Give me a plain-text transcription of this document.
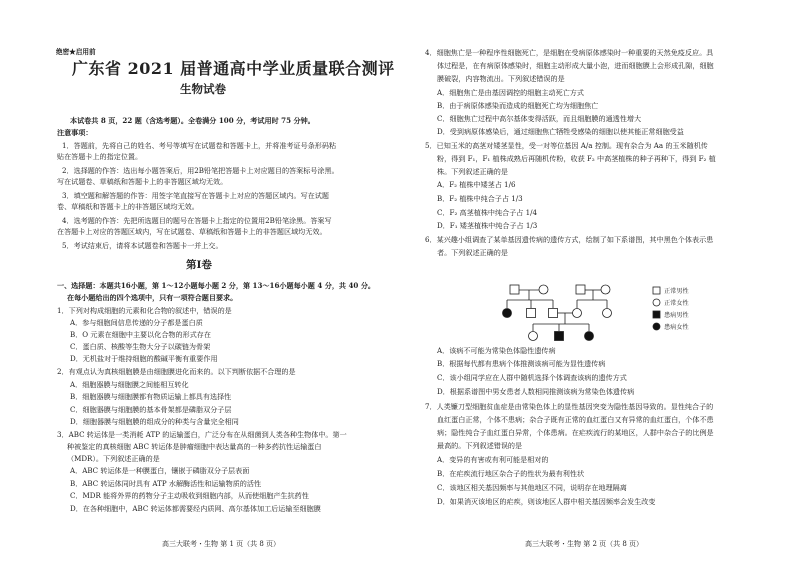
绝密★启用前
广东省 2021 届普通高中学业质量联合测评
生物试卷
本试卷共 8 页，22 题（含选考题）。全卷满分 100 分，考试用时 75 分钟。
注意事项：
1．答题前，先将自己的姓名、考号等填写在试题卷和答题卡上，并将准考证号条形码粘
贴在答题卡上的指定位置。
2．选择题的作答：选出每小题答案后，用2B铅笔把答题卡上对应题目的答案标号涂黑。
写在试题卷、草稿纸和答题卡上的非答题区域均无效。
3．填空题和解答题的作答：用签字笔直接写在答题卡上对应的答题区域内。写在试题
卷、草稿纸和答题卡上的非答题区域均无效。
4．选考题的作答：先把所选题目的题号在答题卡上指定的位置用2B铅笔涂黑。答案写
在答题卡上对应的答题区域内，写在试题卷、草稿纸和答题卡上的非答题区域均无效。
5．考试结束后，请将本试题卷和答题卡一并上交。
第Ⅰ卷
一、选择题：本题共16小题，第 1～12小题每小题 2 分，第 13～16小题每小题 4 分，共 40 分。
在每小题给出的四个选项中，只有一项符合题目要求。
1．下列对构成细胞的元素和化合物的叙述中，错误的是
A．参与细胞间信息传递的分子都是蛋白质
B．O 元素在细胞中主要以化合物的形式存在
C．蛋白质、核酸等生物大分子以碳链为骨架
D．无机盐对于维持细胞的酸碱平衡有重要作用
2．有观点认为真核细胞膜是由细胞膜进化而来的。以下判断依据不合理的是
A．细胞器膜与细胞膜之间能相互转化
B．细胞器膜与细胞膜都有物质运输上都具有选择性
C．细胞器膜与细胞膜的基本骨架都是磷脂双分子层
D．细胞器膜与细胞膜的组成分的种类与含量完全相同
3．ABC 转运体是一类消耗 ATP 的运输蛋白，广泛分布在从细菌到人类各种生物体中。第一
种被鉴定的真核细胞 ABC 转运体是肿瘤细胞中表达量高的一种多药抗性运输蛋白
（MDR）。下列叙述正确的是
A．ABC 转运体是一种膜蛋白，镶嵌于磷脂双分子层表面
B．ABC 转运体同时具有 ATP 水解酶活性和运输物质的活性
C．MDR 能将外界的药物分子主动吸收到细胞内部，从而使细胞产生抗药性
D．在各种细胞中，ABC 转运体都需要经内质网、高尔基体加工后运输至细胞膜
高三大联考・生物 第 1 页（共 8 页）
4．细胞焦亡是一种程序性细胞死亡，是细胞在受病原体感染时一种重要的天然免疫反应。具
体过程是，在有病原体感染时，细胞主动形成大量小泡，进而细胞膜上会形成孔隙，细胞
膜破裂，内容物流出。下列叙述错误的是
A．细胞焦亡是由基因调控的细胞主动死亡方式
B．由于病原体感染而造成的细胞死亡均为细胞焦亡
C．细胞焦亡过程中高尔基体变得活跃，而且细胞膜的通透性增大
D．受到病原体感染后，通过细胞焦亡牺牲受感染的细胞以使其能正常细胞受益
5．已知玉米的高茎对矮茎显性，受一对等位基因 A/a 控制。现有杂合为 Aa 的玉米随机传
粉，得到 F₁，F₁ 植株成熟后再随机传粉，收获 F₂ 中高茎植株的种子再种下，得到 F₂ 植
株。下列叙述正确的是
A．F₂ 植株中矮茎占 1/6
B．F₂ 植株中纯合子占 1/3
C．F₂ 高茎植株中纯合子占 1/4
D．F₁ 矮茎植株中纯合子占 1/3
6．某兴趣小组调查了某单基因遗传病的遗传方式，绘制了如下系谱图，其中黑色个体表示患
者。下列叙述正确的是
正常男性
正常女性
患病男性
患病女性
A．该病不可能为常染色体隐性遗传病
B．根据每代都有患病个体推测该病可能为显性遗传病
C．该小组同学应在人群中随机选择个体调查该病的遗传方式
D．根据系谱图中男女患者人数相同推测该病为常染色体遗传病
7．人类镰刀型细胞贫血症是由常染色体上的显性基因突变为隐性基因导致的。显性纯合子的
血红蛋白正常，个体不患病；杂合子既有正常的血红蛋白又有异常的血红蛋白，个体不患
病；隐性纯合子血红蛋白异常，个体患病。在疟疾流行的某地区，人群中杂合子的比例是
最高的。下列叙述错误的是
A．变异的有害或有利可能是相对的
B．在疟疾流行地区杂合子的性状为最有利性状
C．该地区相关基因频率与其他地区不同，说明存在地理隔离
D．如果消灭该地区的疟疾，则该地区人群中相关基因频率会发生改变
高三大联考・生物 第 2 页（共 8 页）
